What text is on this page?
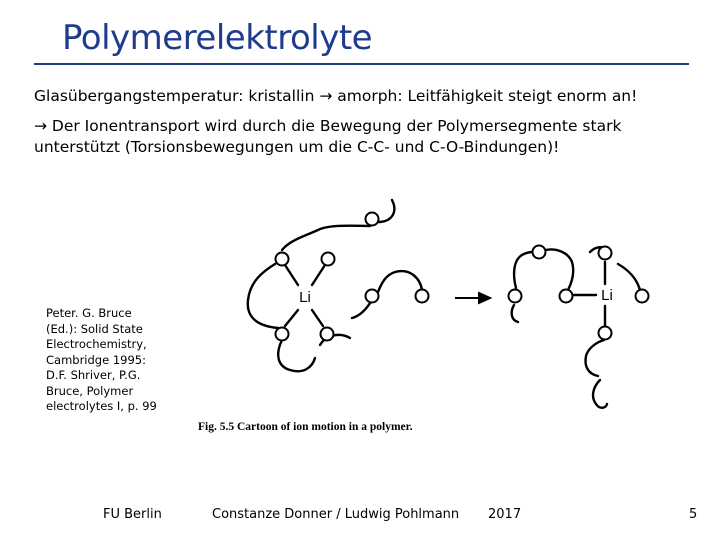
Polymerelektrolyte
Glasübergangstemperatur: kristallin → amorph: Leitfähigkeit steigt enorm an!
→ Der Ionentransport wird durch die Bewegung der Polymersegmente stark
unterstützt (Torsionsbewegungen um die C-C- und C-O-Bindungen)!
Peter. G. Bruce
(Ed.): Solid State
Electrochemistry,
Cambridge 1995:
D.F. Shriver, P.G.
Bruce, Polymer
electrolytes I, p. 99
Li	Li
Fig. 5.5 Cartoon of ion motion in a polymer.
FU Berlin	Constanze Donner / Ludwig Pohlmann 2017	5
